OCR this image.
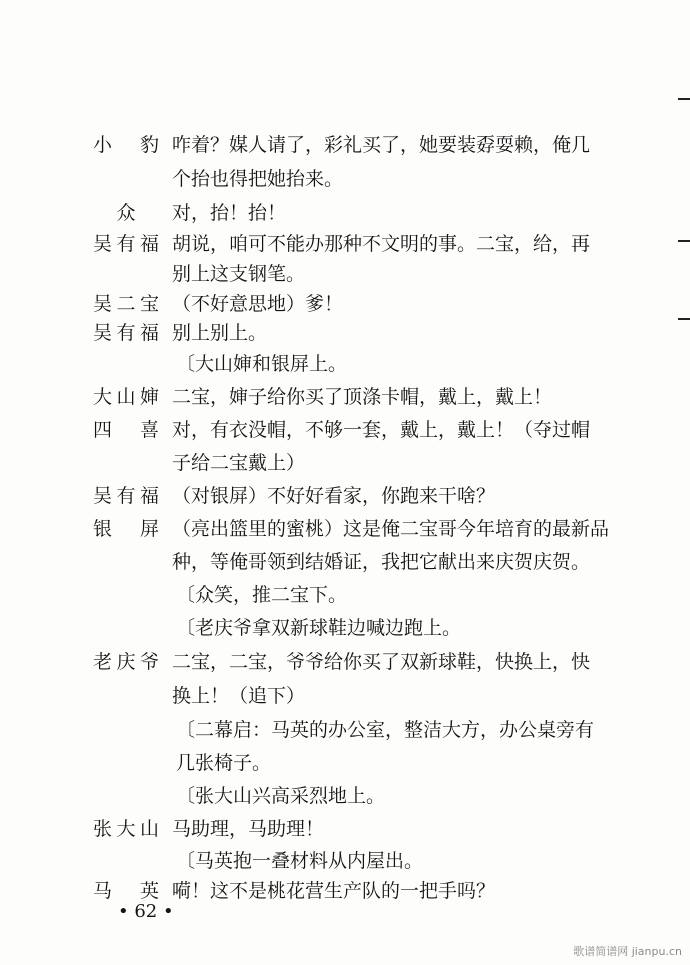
小　豹 咋着？媒人请了，彩礼买了，她要装孬耍赖，俺几
个抬也得把她抬来。
众	对，抬！抬！
吴有福 胡说，咱可不能办那种不文明的事。二宝，给，再
别上这支钢笔。
吴二宝 （不好意思地）爹！
吴有福 别上别上。
〔大山婶和银屏上。
大山婶 二宝，婶子给你买了顶涤卡帽，戴上，戴上！
四　喜 对，有衣没帽，不够一套，戴上，戴上！（夺过帽
子给二宝戴上）
吴有福 （对银屏）不好好看家，你跑来干啥？
银　屏 （亮出篮里的蜜桃）这是俺二宝哥今年培育的最新品
种，等俺哥领到结婚证，我把它献出来庆贺庆贺。
〔众笑，推二宝下。
〔老庆爷拿双新球鞋边喊边跑上。
老庆爷 二宝，二宝，爷爷给你买了双新球鞋，快换上，快
换上！（追下）
〔二幕启：马英的办公室，整洁大方，办公桌旁有
几张椅子。
〔张大山兴高采烈地上。
张大山 马助理，马助理！
〔马英抱一叠材料从内屋出。
马　英 嗬！这不是桃花营生产队的一把手吗？
• 62 •
歌谱简谱网 jianpu.cn
